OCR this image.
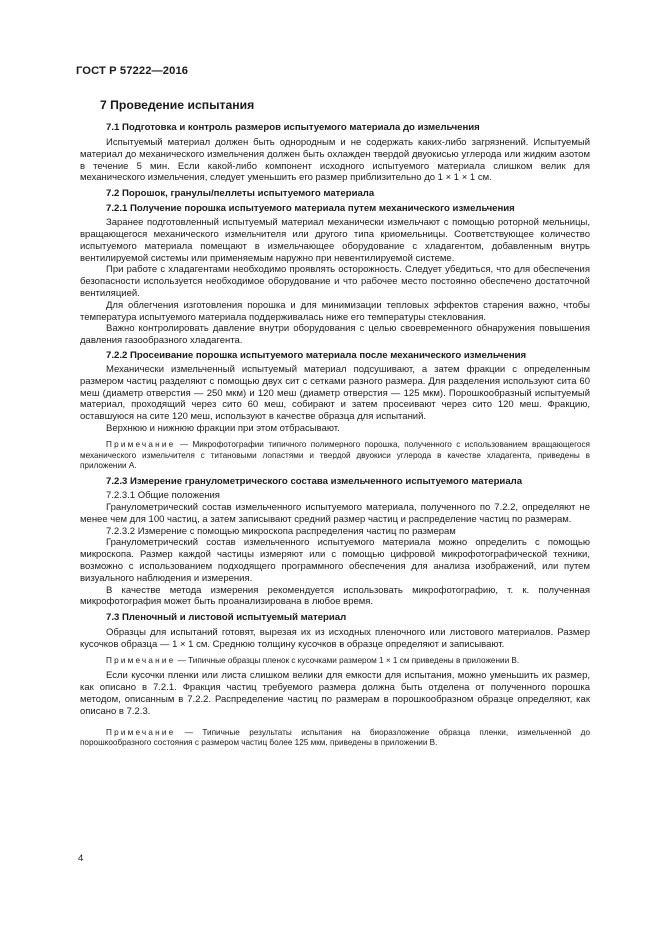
ГОСТ Р 57222—2016
7 Проведение испытания
7.1 Подготовка и контроль размеров испытуемого материала до измельчения

Испытуемый материал должен быть однородным и не содержать каких-либо загрязнений. Испытуемый материал до механического измельчения должен быть охлажден твердой двуокисью углерода или жидким азотом в течение 5 мин. Если какой-либо компонент исходного испытуемого материала слишком велик для механического измельчения, следует уменьшить его размер приблизительно до 1 × 1 × 1 см.

7.2 Порошок, гранулы/пеллеты испытуемого материала
7.2.1 Получение порошка испытуемого материала путем механического измельчения

Заранее подготовленный испытуемый материал механически измельчают с помощью роторной мельницы, вращающегося механического измельчителя или другого типа криомельницы. Соответствующее количество испытуемого материала помещают в измельчающее оборудование с хладагентом, добавленным внутрь вентилируемой системы или применяемым наружно при невентилируемой системе.

При работе с хладагентами необходимо проявлять осторожность. Следует убедиться, что для обеспечения безопасности используется необходимое оборудование и что рабочее место постоянно обеспечено достаточной вентиляцией.

Для облегчения изготовления порошка и для минимизации тепловых эффектов старения важно, чтобы температура испытуемого материала поддерживалась ниже его температуры стеклования.

Важно контролировать давление внутри оборудования с целью своевременного обнаружения повышения давления газообразного хладагента.

7.2.2 Просеивание порошка испытуемого материала после механического измельчения

Механически измельченный испытуемый материал подсушивают, а затем фракции с определенным размером частиц разделяют с помощью двух сит с сетками разного размера. Для разделения используют сита 60 меш (диаметр отверстия — 250 мкм) и 120 меш (диаметр отверстия — 125 мкм). Порошкообразный испытуемый материал, проходящий через сито 60 меш, собирают и затем просеивают через сито 120 меш. Фракцию, оставшуюся на сите 120 меш, используют в качестве образца для испытаний.

Верхнюю и нижнюю фракции при этом отбрасывают.

Примечание — Микрофотографии типичного полимерного порошка, полученного с использованием вращающегося механического измельчителя с титановыми лопастями и твердой двуокиси углерода в качестве хладагента, приведены в приложении А.

7.2.3 Измерение гранулометрического состава измельченного испытуемого материала

7.2.3.1 Общие положения

Гранулометрический состав измельченного испытуемого материала, полученного по 7.2.2, определяют не менее чем для 100 частиц, а затем записывают средний размер частиц и распределение частиц по размерам.

7.2.3.2 Измерение с помощью микроскопа распределения частиц по размерам

Гранулометрический состав измельченного испытуемого материала можно определить с помощью микроскопа. Размер каждой частицы измеряют или с помощью цифровой микрофотографической техники, возможно с использованием подходящего программного обеспечения для анализа изображений, или путем визуального наблюдения и измерения.

В качестве метода измерения рекомендуется использовать микрофотографию, т. к. полученная микрофотография может быть проанализирована в любое время.

7.3 Пленочный и листовой испытуемый материал

Образцы для испытаний готовят, вырезая их из исходных пленочного или листового материалов. Размер кусочков образца — 1 × 1 см. Среднюю толщину кусочков в образце определяют и записывают.

Примечание — Типичные образцы пленок с кусочками размером 1 × 1 см приведены в приложении В.

Если кусочки пленки или листа слишком велики для емкости для испытания, можно уменьшить их размер, как описано в 7.2.1. Фракция частиц требуемого размера должна быть отделена от полученного порошка методом, описанным в 7.2.2. Распределение частиц по размерам в порошкообразном образце определяют, как описано в 7.2.3.

Примечание — Типичные результаты испытания на биоразложение образца пленки, измельченной до порошкообразного состояния с размером частиц более 125 мкм, приведены в приложении В.

4
